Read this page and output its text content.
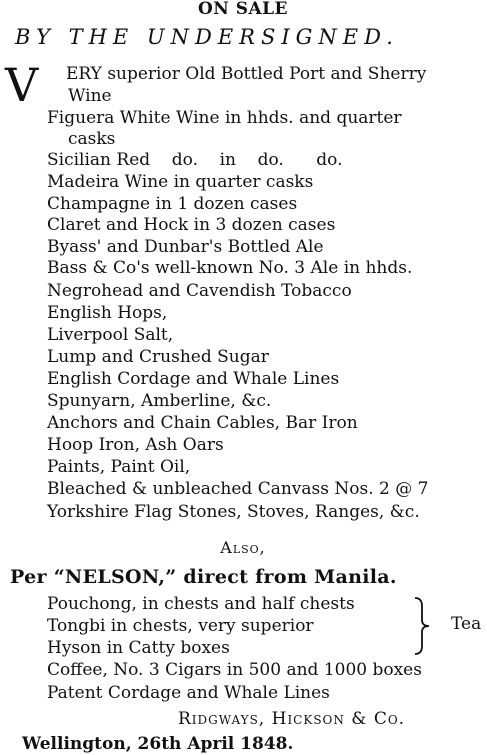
ON SALE
BY THE UNDERSIGNED.
V ERY superior Old Bottled Port and Sherry
Wine
Figuera White Wine in hhds. and quarter
casks
Sicilian Red    do.    in    do.      do.
Madeira Wine in quarter casks
Champagne in 1 dozen cases
Claret and Hock in 3 dozen cases
Byass' and Dunbar's Bottled Ale
Bass & Co's well-known No. 3 Ale in hhds.
Negrohead and Cavendish Tobacco
English Hops,
Liverpool Salt,
Lump and Crushed Sugar
English Cordage and Whale Lines
Spunyarn, Amberline, &c.
Anchors and Chain Cables, Bar Iron
Hoop Iron, Ash Oars
Paints, Paint Oil,
Bleached & unbleached Canvass Nos. 2 @ 7
Yorkshire Flag Stones, Stoves, Ranges, &c.
Also,
Per “NELSON,” direct from Manila.
Pouchong, in chests and half chests
Tongbi in chests, very superior
Hyson in Catty boxes
Tea
Coffee, No. 3 Cigars in 500 and 1000 boxes
Patent Cordage and Whale Lines
Ridgways, Hickson & Co.
Wellington, 26th April 1848.
